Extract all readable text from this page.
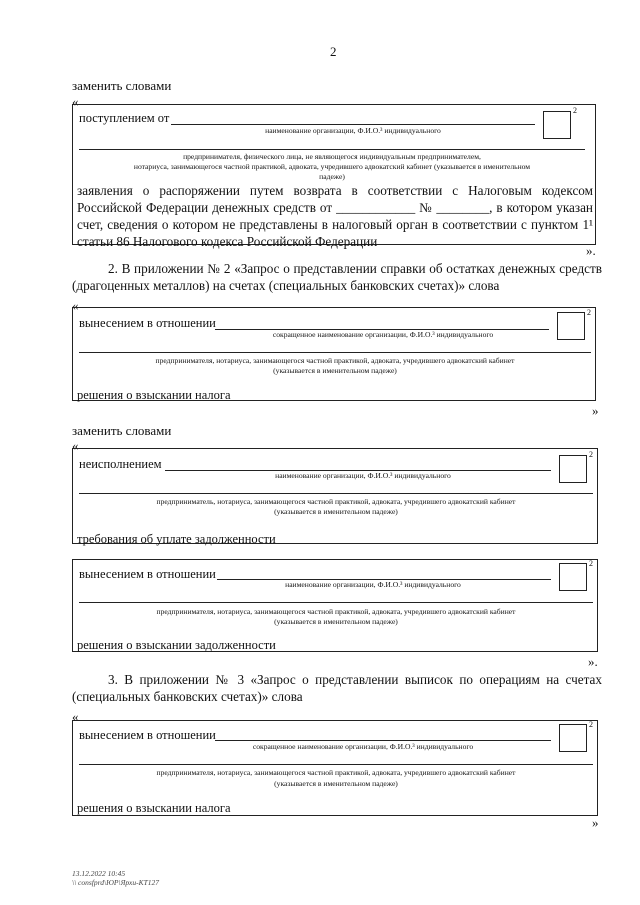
2
заменить словами
«
поступлением от
наименование организации, Ф.И.О.³ индивидуального
предпринимателя, физического лица, не являющегося индивидуальным предпринимателем,
нотариуса, занимающегося частной практикой, адвоката, учредившего адвокатский кабинет (указывается в именительном
падеже)
2
заявления о распоряжении путем возврата в соответствии с Налоговым кодексом Российской Федерации денежных средств от ____________ № ________, в котором указан счет, сведения о котором не представлены в налоговый орган в соответствии с пунктом 1¹ статьи 86 Налогового кодекса Российской Федерации
».
2. В приложении № 2 «Запрос о представлении справки об остатках денежных средств (драгоценных металлов) на счетах (специальных банковских счетах)» слова
«
вынесением в отношении
сокращенное наименование организации, Ф.И.О.³ индивидуального
предпринимателя, нотариуса, занимающегося частной практикой, адвоката, учредившего адвокатский кабинет
(указывается в именительном падеже)
2
решения о взыскании налога
»
заменить словами
«
неисполнением
наименование организации, Ф.И.О.³ индивидуального
предприниматель, нотариуса, занимающегося частной практикой, адвоката, учредившего адвокатский кабинет
(указывается в именительном падеже)
2
требования об уплате задолженности
вынесением в отношении
наименование организации, Ф.И.О.³ индивидуального
предпринимателя, нотариуса, занимающегося частной практикой, адвоката, учредившего адвокатский кабинет
(указывается в именительном падеже)
2
решения о взыскании задолженности
».
3. В приложении № 3 «Запрос о представлении выписок по операциям на счетах (специальных банковских счетах)» слова
«
вынесением в отношении
сокращенное наименование организации, Ф.И.О.³ индивидуального
предпринимателя, нотариуса, занимающегося частной практикой, адвоката, учредившего адвокатский кабинет
(указывается в именительном падеже)
2
решения о взыскании налога
»
13.12.2022 10:45
\\ consfprd\ЮР\Ярхи-КТ127
